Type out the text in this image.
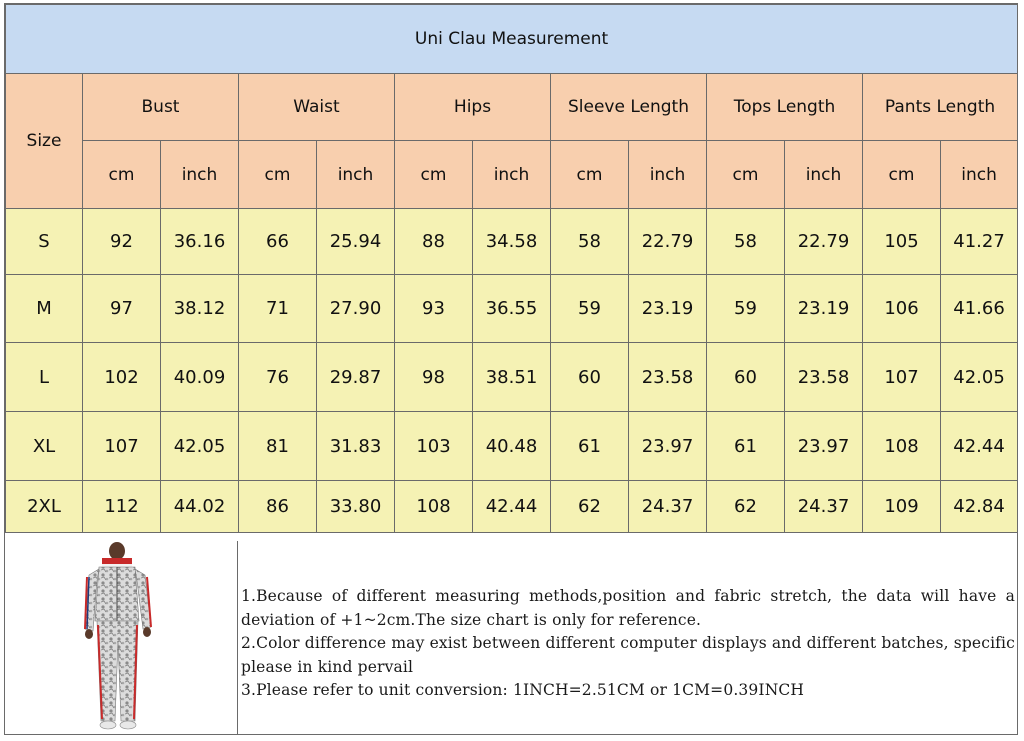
Uni Clau Measurement												
Size	Bust		Waist		Hips		Sleeve Length		Tops Length		Pants Length	
	cm	inch	cm	inch	cm	inch	cm	inch	cm	inch	cm	inch
S	92	36.16	66	25.94	88	34.58	58	22.79	58	22.79	105	41.27
M	97	38.12	71	27.90	93	36.55	59	23.19	59	23.19	106	41.66
L	102	40.09	76	29.87	98	38.51	60	23.58	60	23.58	107	42.05
XL	107	42.05	81	31.83	103	40.48	61	23.97	61	23.97	108	42.44
2XL	112	44.02	86	33.80	108	42.44	62	24.37	62	24.37	109	42.84
1.Because of different measuring methods,position and fabric stretch, the data will have a deviation of +1~2cm.The size chart is only for reference.
2.Color difference may exist between different computer displays and different batches, specific please in kind pervail
3.Please refer to unit conversion: 1INCH=2.51CM or 1CM=0.39INCH
